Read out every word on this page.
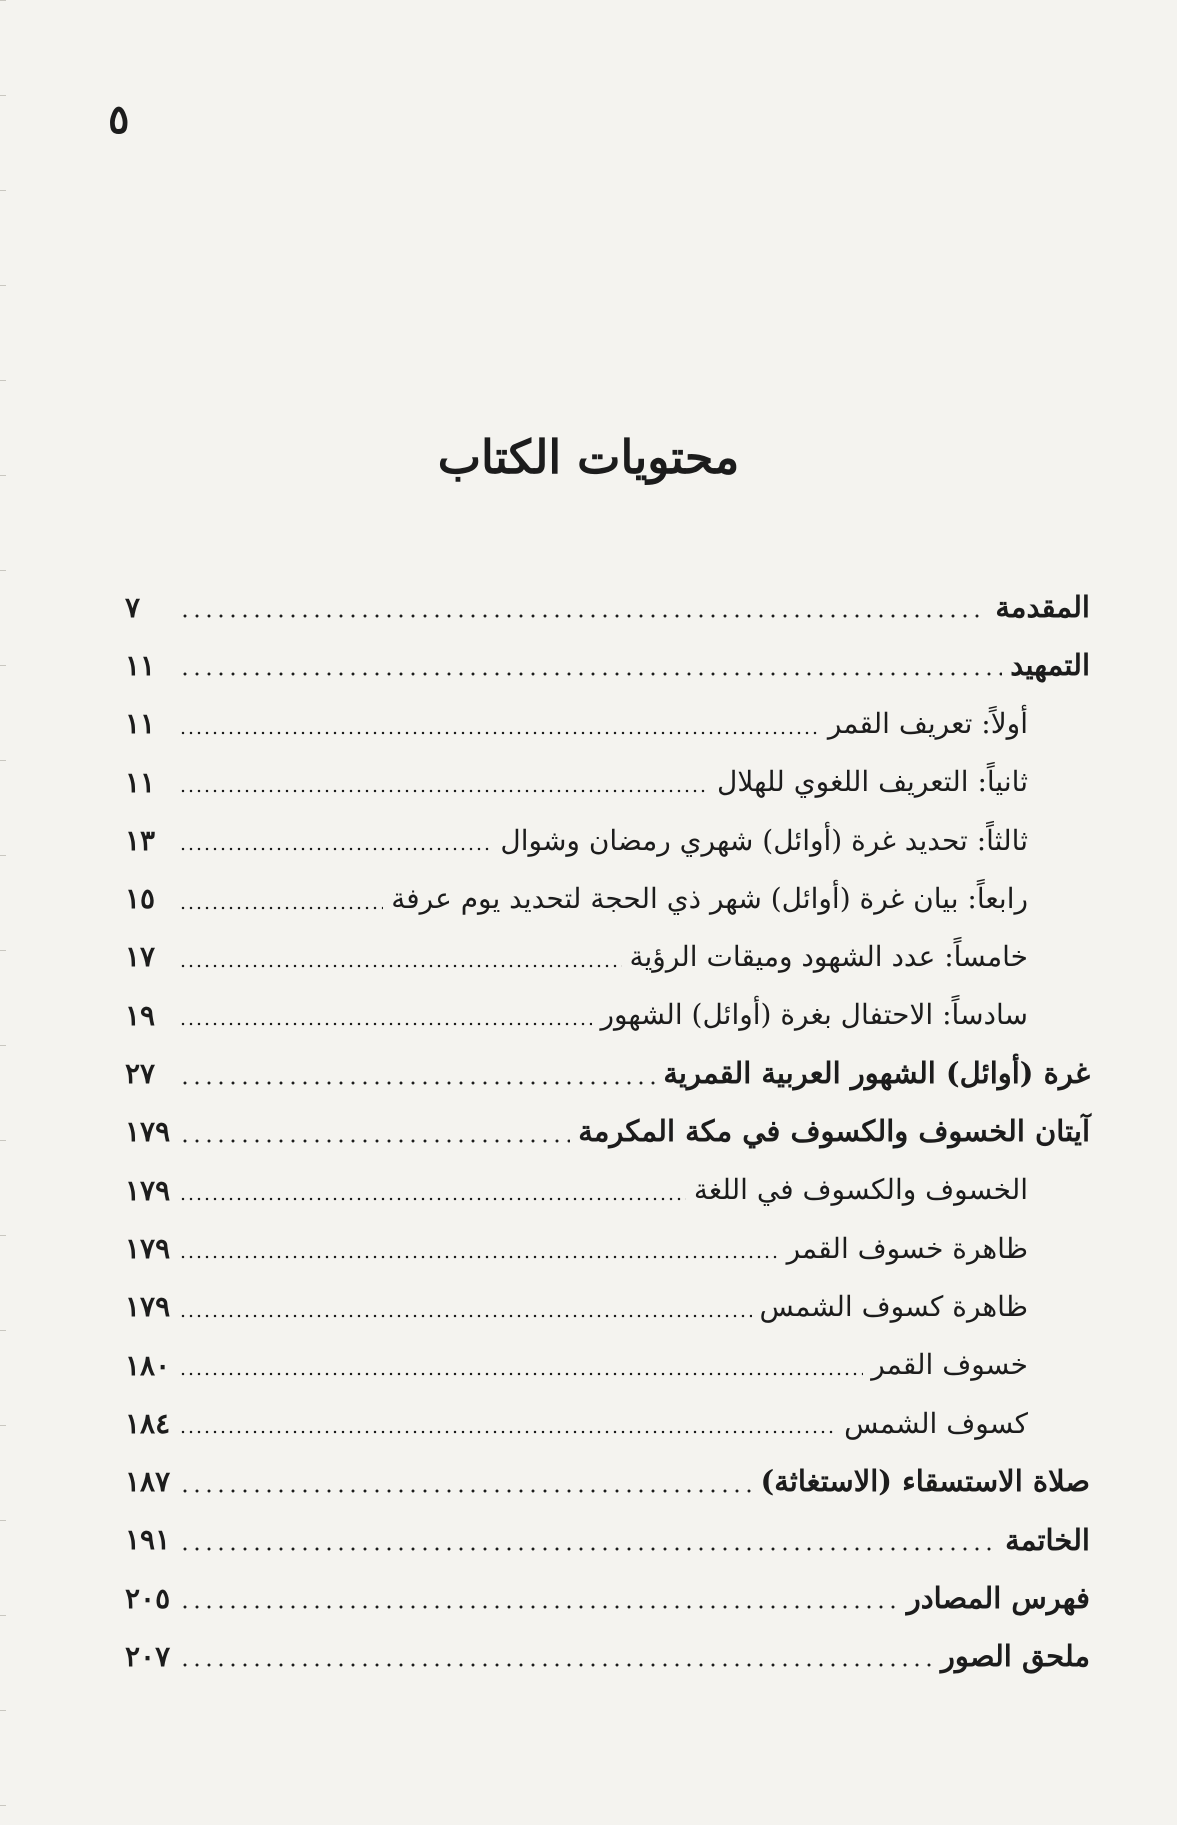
٥
محتويات الكتاب
المقدمة
٧
التمهيد
١١
أولاً: تعريف القمر
١١
ثانياً: التعريف اللغوي للهلال
١١
ثالثاً: تحديد غرة (أوائل) شهري رمضان وشوال
١٣
رابعاً: بيان غرة (أوائل) شهر ذي الحجة لتحديد يوم عرفة
١٥
خامساً: عدد الشهود وميقات الرؤية
١٧
سادساً: الاحتفال بغرة (أوائل) الشهور
١٩
غرة (أوائل) الشهور العربية القمرية
٢٧
آيتان الخسوف والكسوف في مكة المكرمة
١٧٩
الخسوف والكسوف في اللغة
١٧٩
ظاهرة خسوف القمر
١٧٩
ظاهرة كسوف الشمس
١٧٩
خسوف القمر
١٨٠
كسوف الشمس
١٨٤
صلاة الاستسقاء (الاستغاثة)
١٨٧
الخاتمة
١٩١
فهرس المصادر
٢٠٥
ملحق الصور
٢٠٧
